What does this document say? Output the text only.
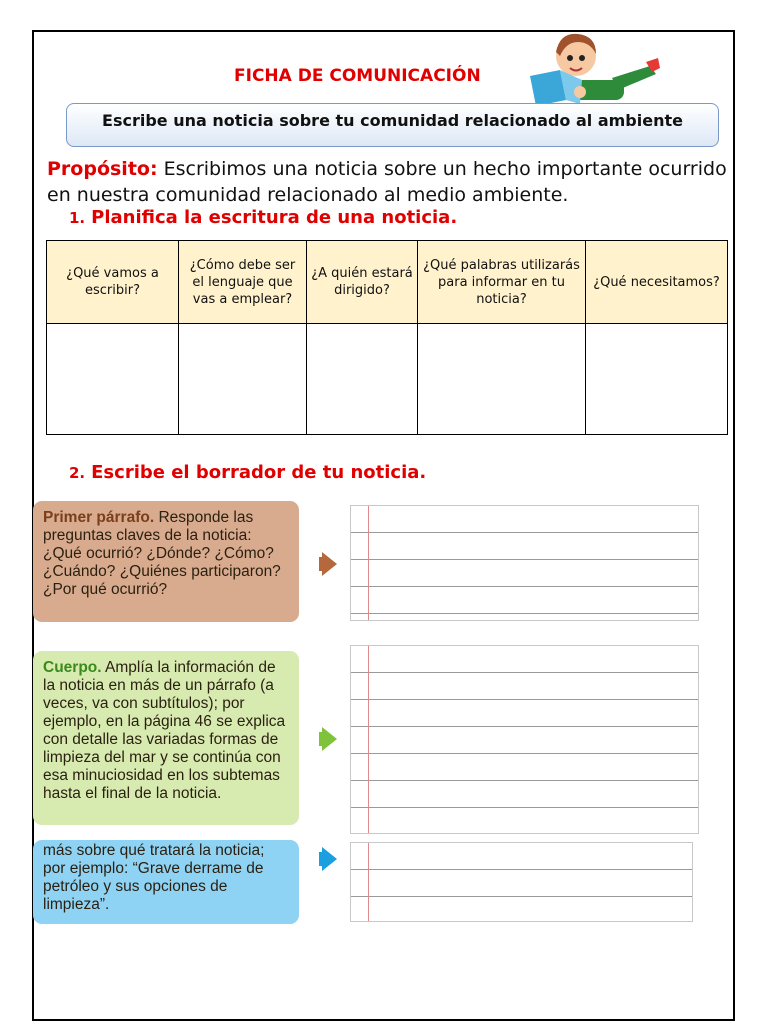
FICHA DE COMUNICACIÓN
Escribe una noticia sobre tu comunidad relacionado al ambiente
Propósito: Escribimos una noticia sobre un hecho importante ocurrido en nuestra comunidad relacionado al medio ambiente.
1. Planifica la escritura de una noticia.
¿Qué vamos a escribir?	¿Cómo debe ser el lenguaje que vas a emplear?	¿A quién estará dirigido?	¿Qué palabras utilizarás para informar en tu noticia?	¿Qué necesitamos?

2. Escribe el borrador de tu noticia.
Primer párrafo. Responde las preguntas claves de la noticia: ¿Qué ocurrió? ¿Dónde? ¿Cómo? ¿Cuándo? ¿Quiénes participaron? ¿Por qué ocurrió?
Cuerpo. Amplía la información de la noticia en más de un párrafo (a veces, va con subtítulos); por ejemplo, en la página 46 se explica con detalle las variadas formas de limpieza del mar y se continúa con esa minuciosidad en los subtemas hasta el final de la noticia.
más sobre qué tratará la noticia; por ejemplo: “Grave derrame de petróleo y sus opciones de limpieza”.
